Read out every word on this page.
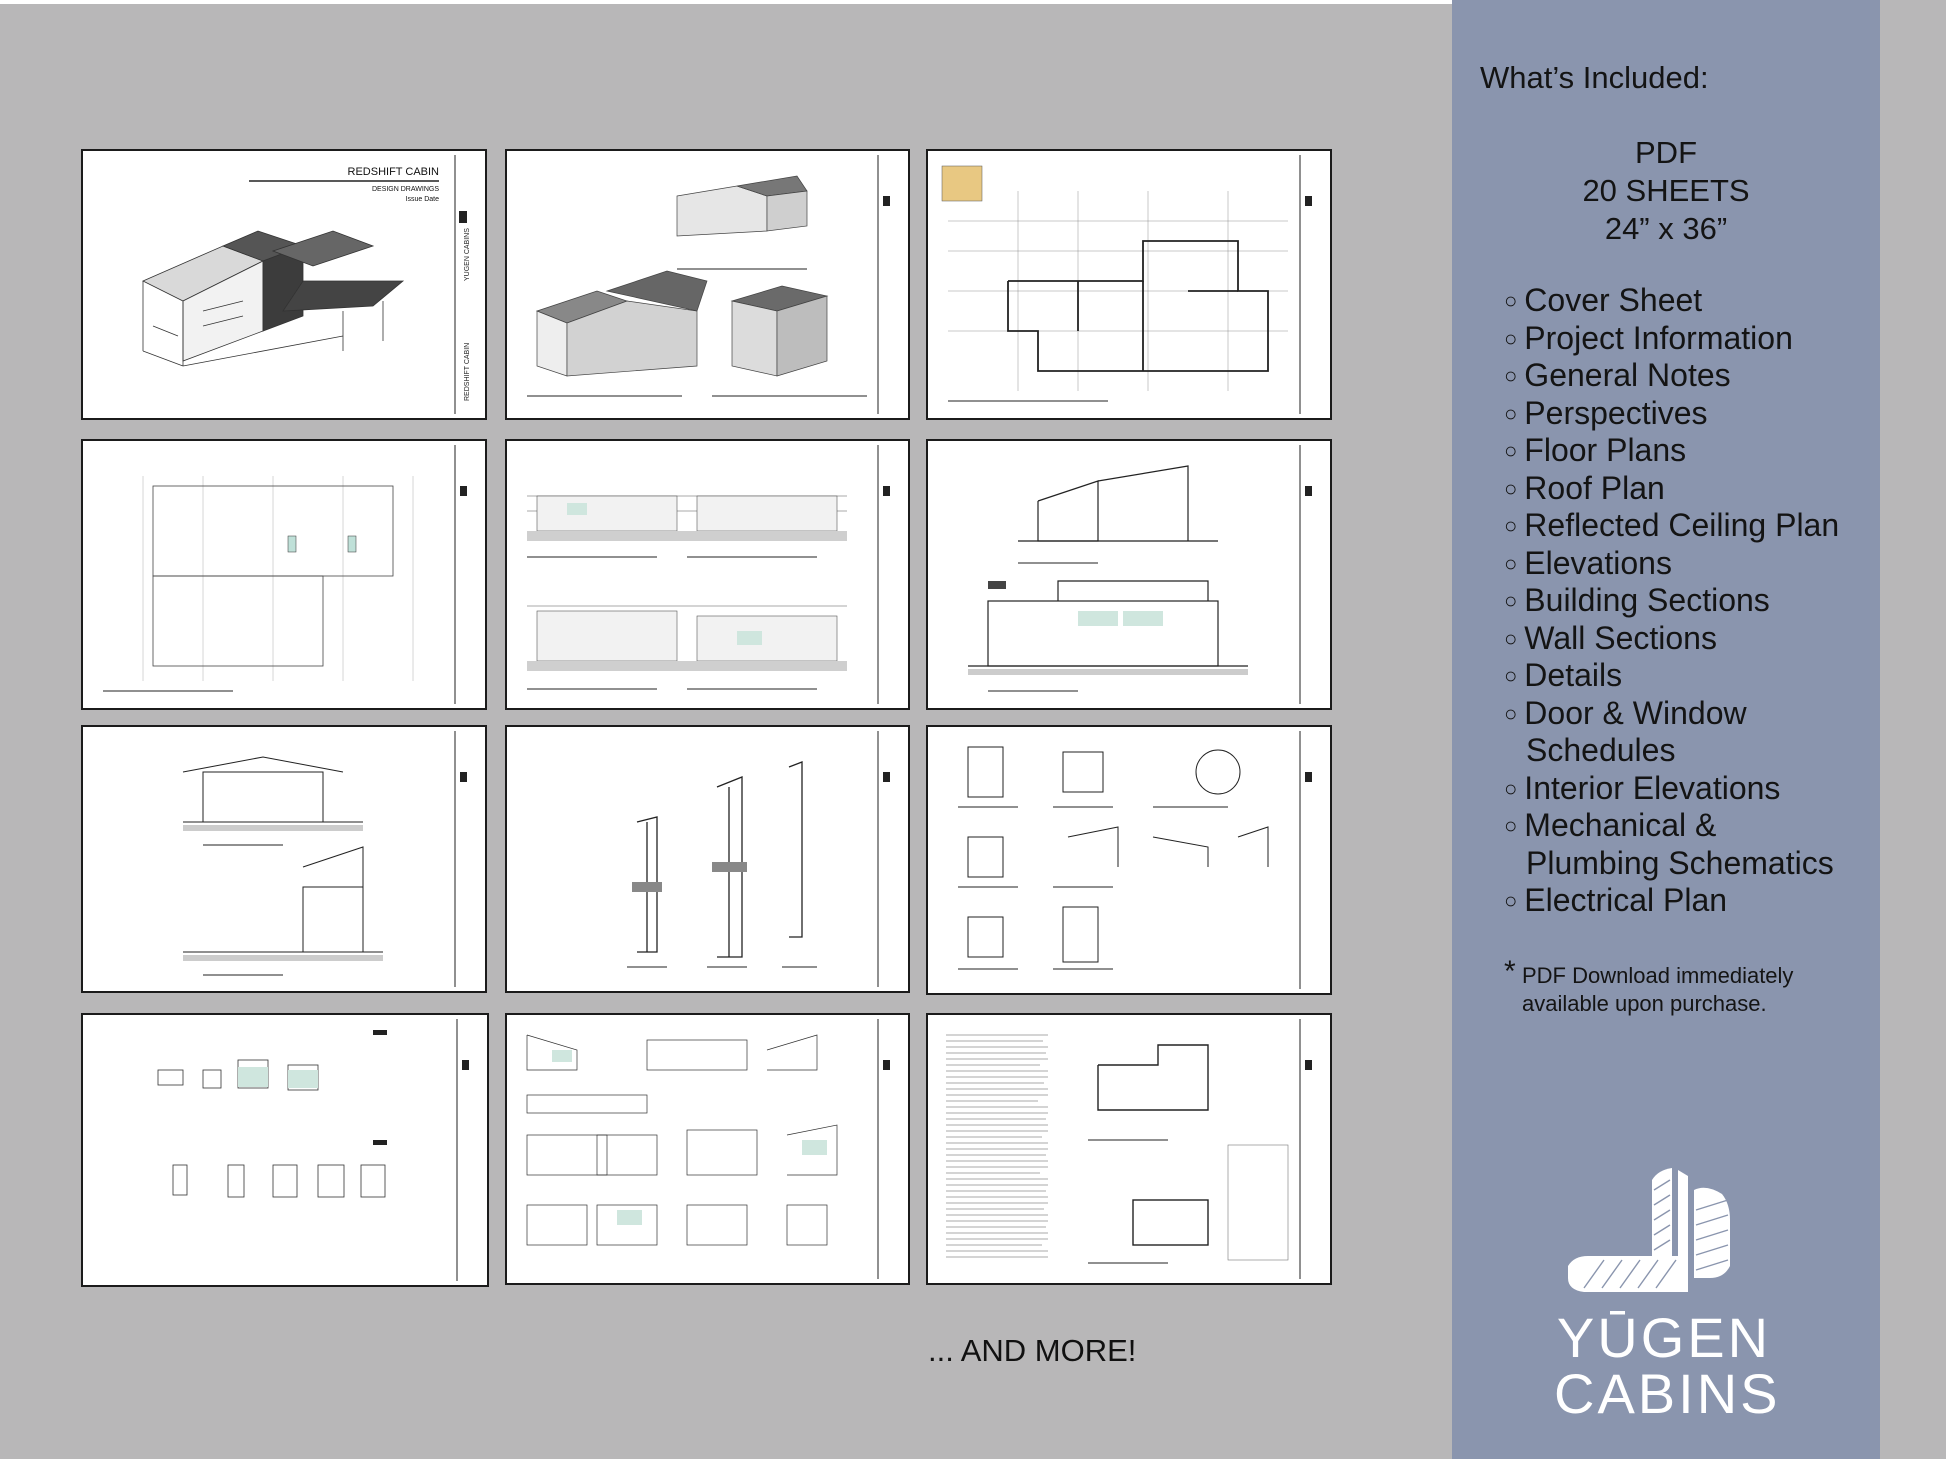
REDSHIFT CABIN
DESIGN DRAWINGS
Issue Date
YUGEN CABINS
REDSHIFT CABIN
... AND MORE!
What’s Included:
PDF
20 SHEETS
24” x 36”
○ Cover Sheet
○ Project Information
○ General Notes
○ Perspectives
○ Floor Plans
○ Roof Plan
○ Reflected Ceiling Plan
○ Elevations
○ Building Sections
○ Wall Sections
○ Details
○ Door & Window
Schedules
○ Interior Elevations
○ Mechanical &
Plumbing Schematics
○ Electrical Plan
* PDF Download immediately
available upon purchase.
YŪGEN
CABINS
